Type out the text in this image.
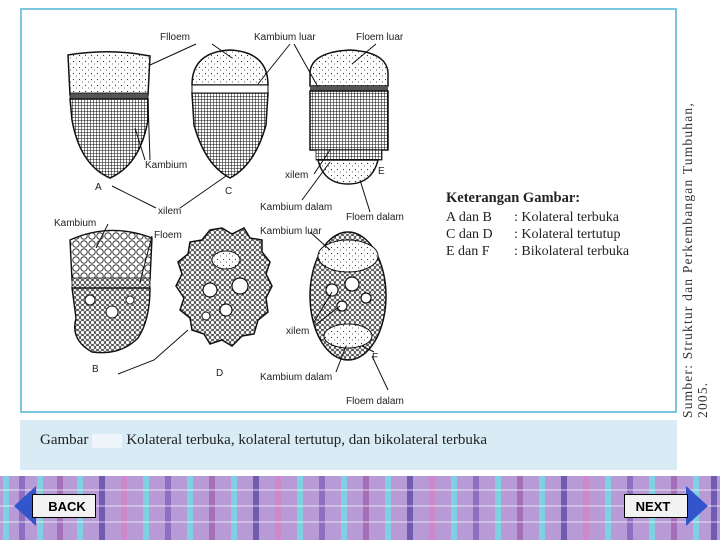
Flloem	Kambium luar	Floem luar
Kambium
A	C
xilem
xilem	E
Kambium dalam
Floem dalam
Kambium
Floem	Kambium luar
B	D
xilem
F
Kambium dalam
Floem dalam
Keterangan Gambar:
A dan B	: Kolateral terbuka
C dan D	: Kolateral tertutup
E dan F	: Bikolateral terbuka	Sumber: Struktur dan Perkembangan Tumbuhan, 2005.
Gambar	Kolateral terbuka, kolateral tertutup, dan bikolateral terbuka
BACK	NEXT
